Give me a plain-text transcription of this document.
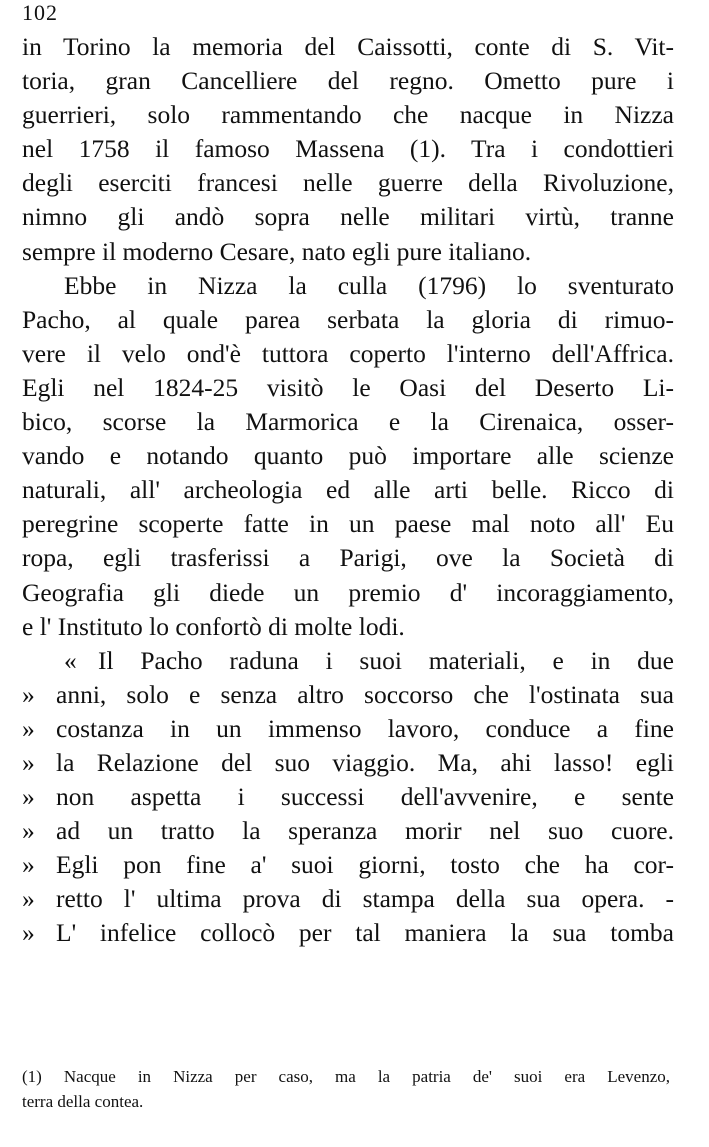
102
in Torino la memoria del Caissotti, conte di S. Vit-
toria, gran Cancelliere del regno. Ometto pure i
guerrieri, solo rammentando che nacque in Nizza
nel 1758 il famoso Massena (1). Tra i condottieri
degli eserciti francesi nelle guerre della Rivoluzione,
nimno gli andò sopra nelle militari virtù, tranne
sempre il moderno Cesare, nato egli pure italiano.
Ebbe in Nizza la culla (1796) lo sventurato
Pacho, al quale parea serbata la gloria di rimuo-
vere il velo ond'è tuttora coperto l'interno dell'Affrica.
Egli nel 1824-25 visitò le Oasi del Deserto Li-
bico, scorse la Marmorica e la Cirenaica, osser-
vando e notando quanto può importare alle scienze
naturali, all' archeologia ed alle arti belle. Ricco di
peregrine scoperte fatte in un paese mal noto all' Eu
ropa, egli trasferissi a Parigi, ove la Società di
Geografia gli diede un premio d' incoraggiamento,
e l' Instituto lo confortò di molte lodi.
« Il Pacho raduna i suoi materiali, e in due
» anni, solo e senza altro soccorso che l'ostinata sua
» costanza in un immenso lavoro, conduce a fine
» la Relazione del suo viaggio. Ma, ahi lasso! egli
» non aspetta i successi dell'avvenire, e sente
» ad un tratto la speranza morir nel suo cuore.
» Egli pon fine a' suoi giorni, tosto che ha cor-
» retto l' ultima prova di stampa della sua opera. -
» L' infelice collocò per tal maniera la sua tomba
(1) Nacque in Nizza per caso, ma la patria de' suoi era Levenzo,
terra della contea.
